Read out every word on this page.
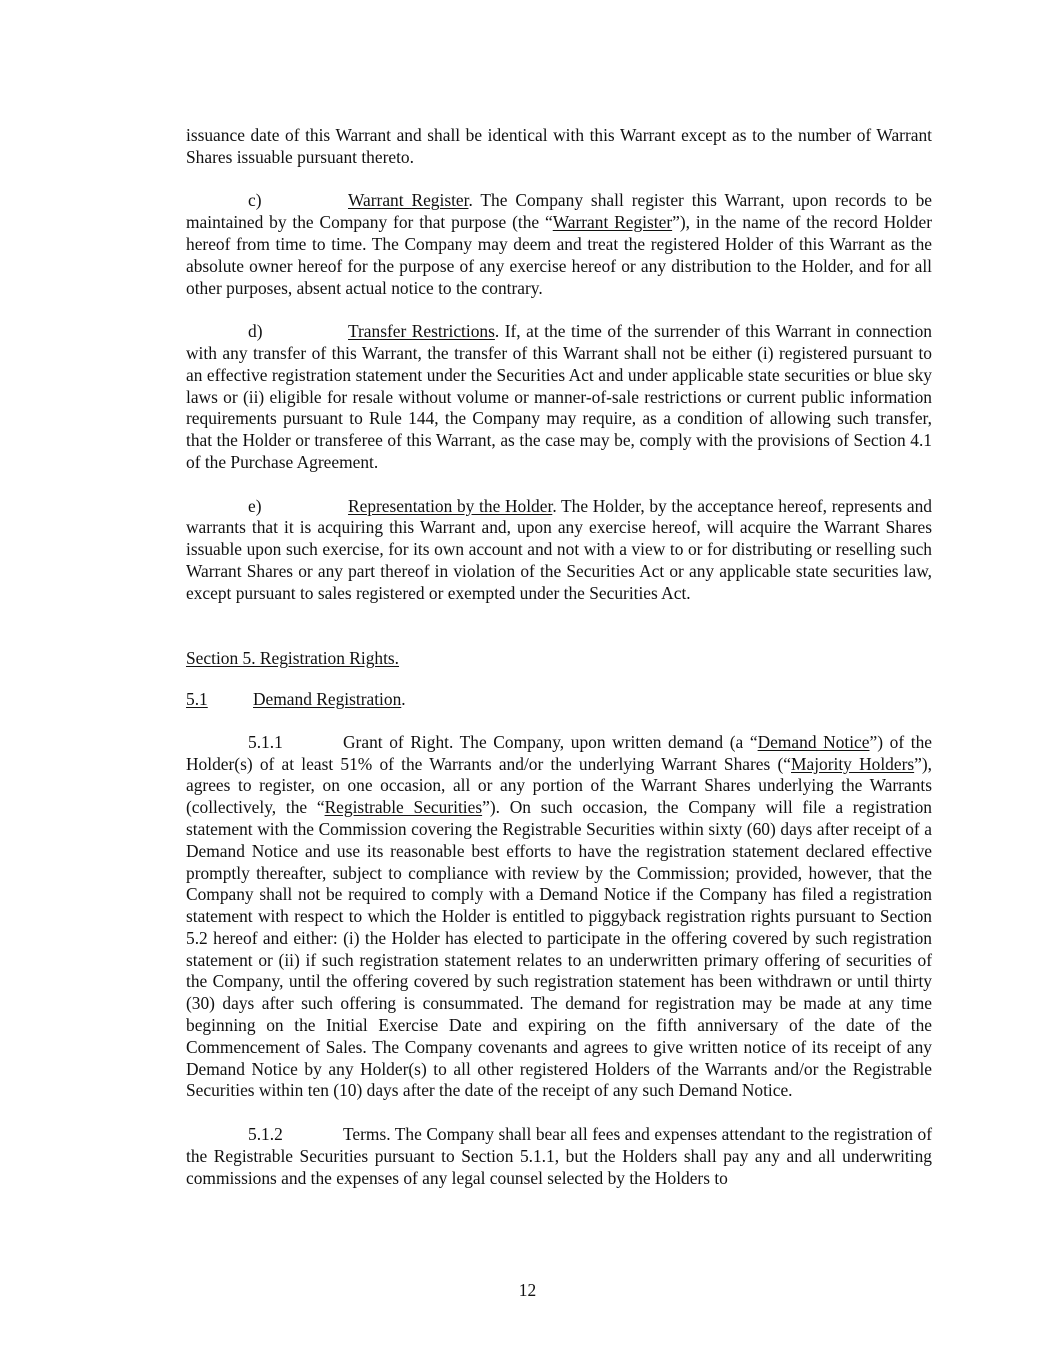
issuance date of this Warrant and shall be identical with this Warrant except as to the number of Warrant Shares issuable pursuant thereto.

c)	Warrant Register. The Company shall register this Warrant, upon records to be maintained by the Company for that purpose (the “Warrant Register”), in the name of the record Holder hereof from time to time. The Company may deem and treat the registered Holder of this Warrant as the absolute owner hereof for the purpose of any exercise hereof or any distribution to the Holder, and for all other purposes, absent actual notice to the contrary.

d)	Transfer Restrictions. If, at the time of the surrender of this Warrant in connection with any transfer of this Warrant, the transfer of this Warrant shall not be either (i) registered pursuant to an effective registration statement under the Securities Act and under applicable state securities or blue sky laws or (ii) eligible for resale without volume or manner-of-sale restrictions or current public information requirements pursuant to Rule 144, the Company may require, as a condition of allowing such transfer, that the Holder or transferee of this Warrant, as the case may be, comply with the provisions of Section 4.1 of the Purchase Agreement.

e)	Representation by the Holder. The Holder, by the acceptance hereof, represents and warrants that it is acquiring this Warrant and, upon any exercise hereof, will acquire the Warrant Shares issuable upon such exercise, for its own account and not with a view to or for distributing or reselling such Warrant Shares or any part thereof in violation of the Securities Act or any applicable state securities law, except pursuant to sales registered or exempted under the Securities Act.

Section 5. Registration Rights.

5.1	Demand Registration.

5.1.1	Grant of Right. The Company, upon written demand (a “Demand Notice”) of the Holder(s) of at least 51% of the Warrants and/or the underlying Warrant Shares (“Majority Holders”), agrees to register, on one occasion, all or any portion of the Warrant Shares underlying the Warrants (collectively, the “Registrable Securities”). On such occasion, the Company will file a registration statement with the Commission covering the Registrable Securities within sixty (60) days after receipt of a Demand Notice and use its reasonable best efforts to have the registration statement declared effective promptly thereafter, subject to compliance with review by the Commission; provided, however, that the Company shall not be required to comply with a Demand Notice if the Company has filed a registration statement with respect to which the Holder is entitled to piggyback registration rights pursuant to Section 5.2 hereof and either: (i) the Holder has elected to participate in the offering covered by such registration statement or (ii) if such registration statement relates to an underwritten primary offering of securities of the Company, until the offering covered by such registration statement has been withdrawn or until thirty (30) days after such offering is consummated. The demand for registration may be made at any time beginning on the Initial Exercise Date and expiring on the fifth anniversary of the date of the Commencement of Sales. The Company covenants and agrees to give written notice of its receipt of any Demand Notice by any Holder(s) to all other registered Holders of the Warrants and/or the Registrable Securities within ten (10) days after the date of the receipt of any such Demand Notice.

5.1.2	Terms. The Company shall bear all fees and expenses attendant to the registration of the Registrable Securities pursuant to Section 5.1.1, but the Holders shall pay any and all underwriting commissions and the expenses of any legal counsel selected by the Holders to

12
